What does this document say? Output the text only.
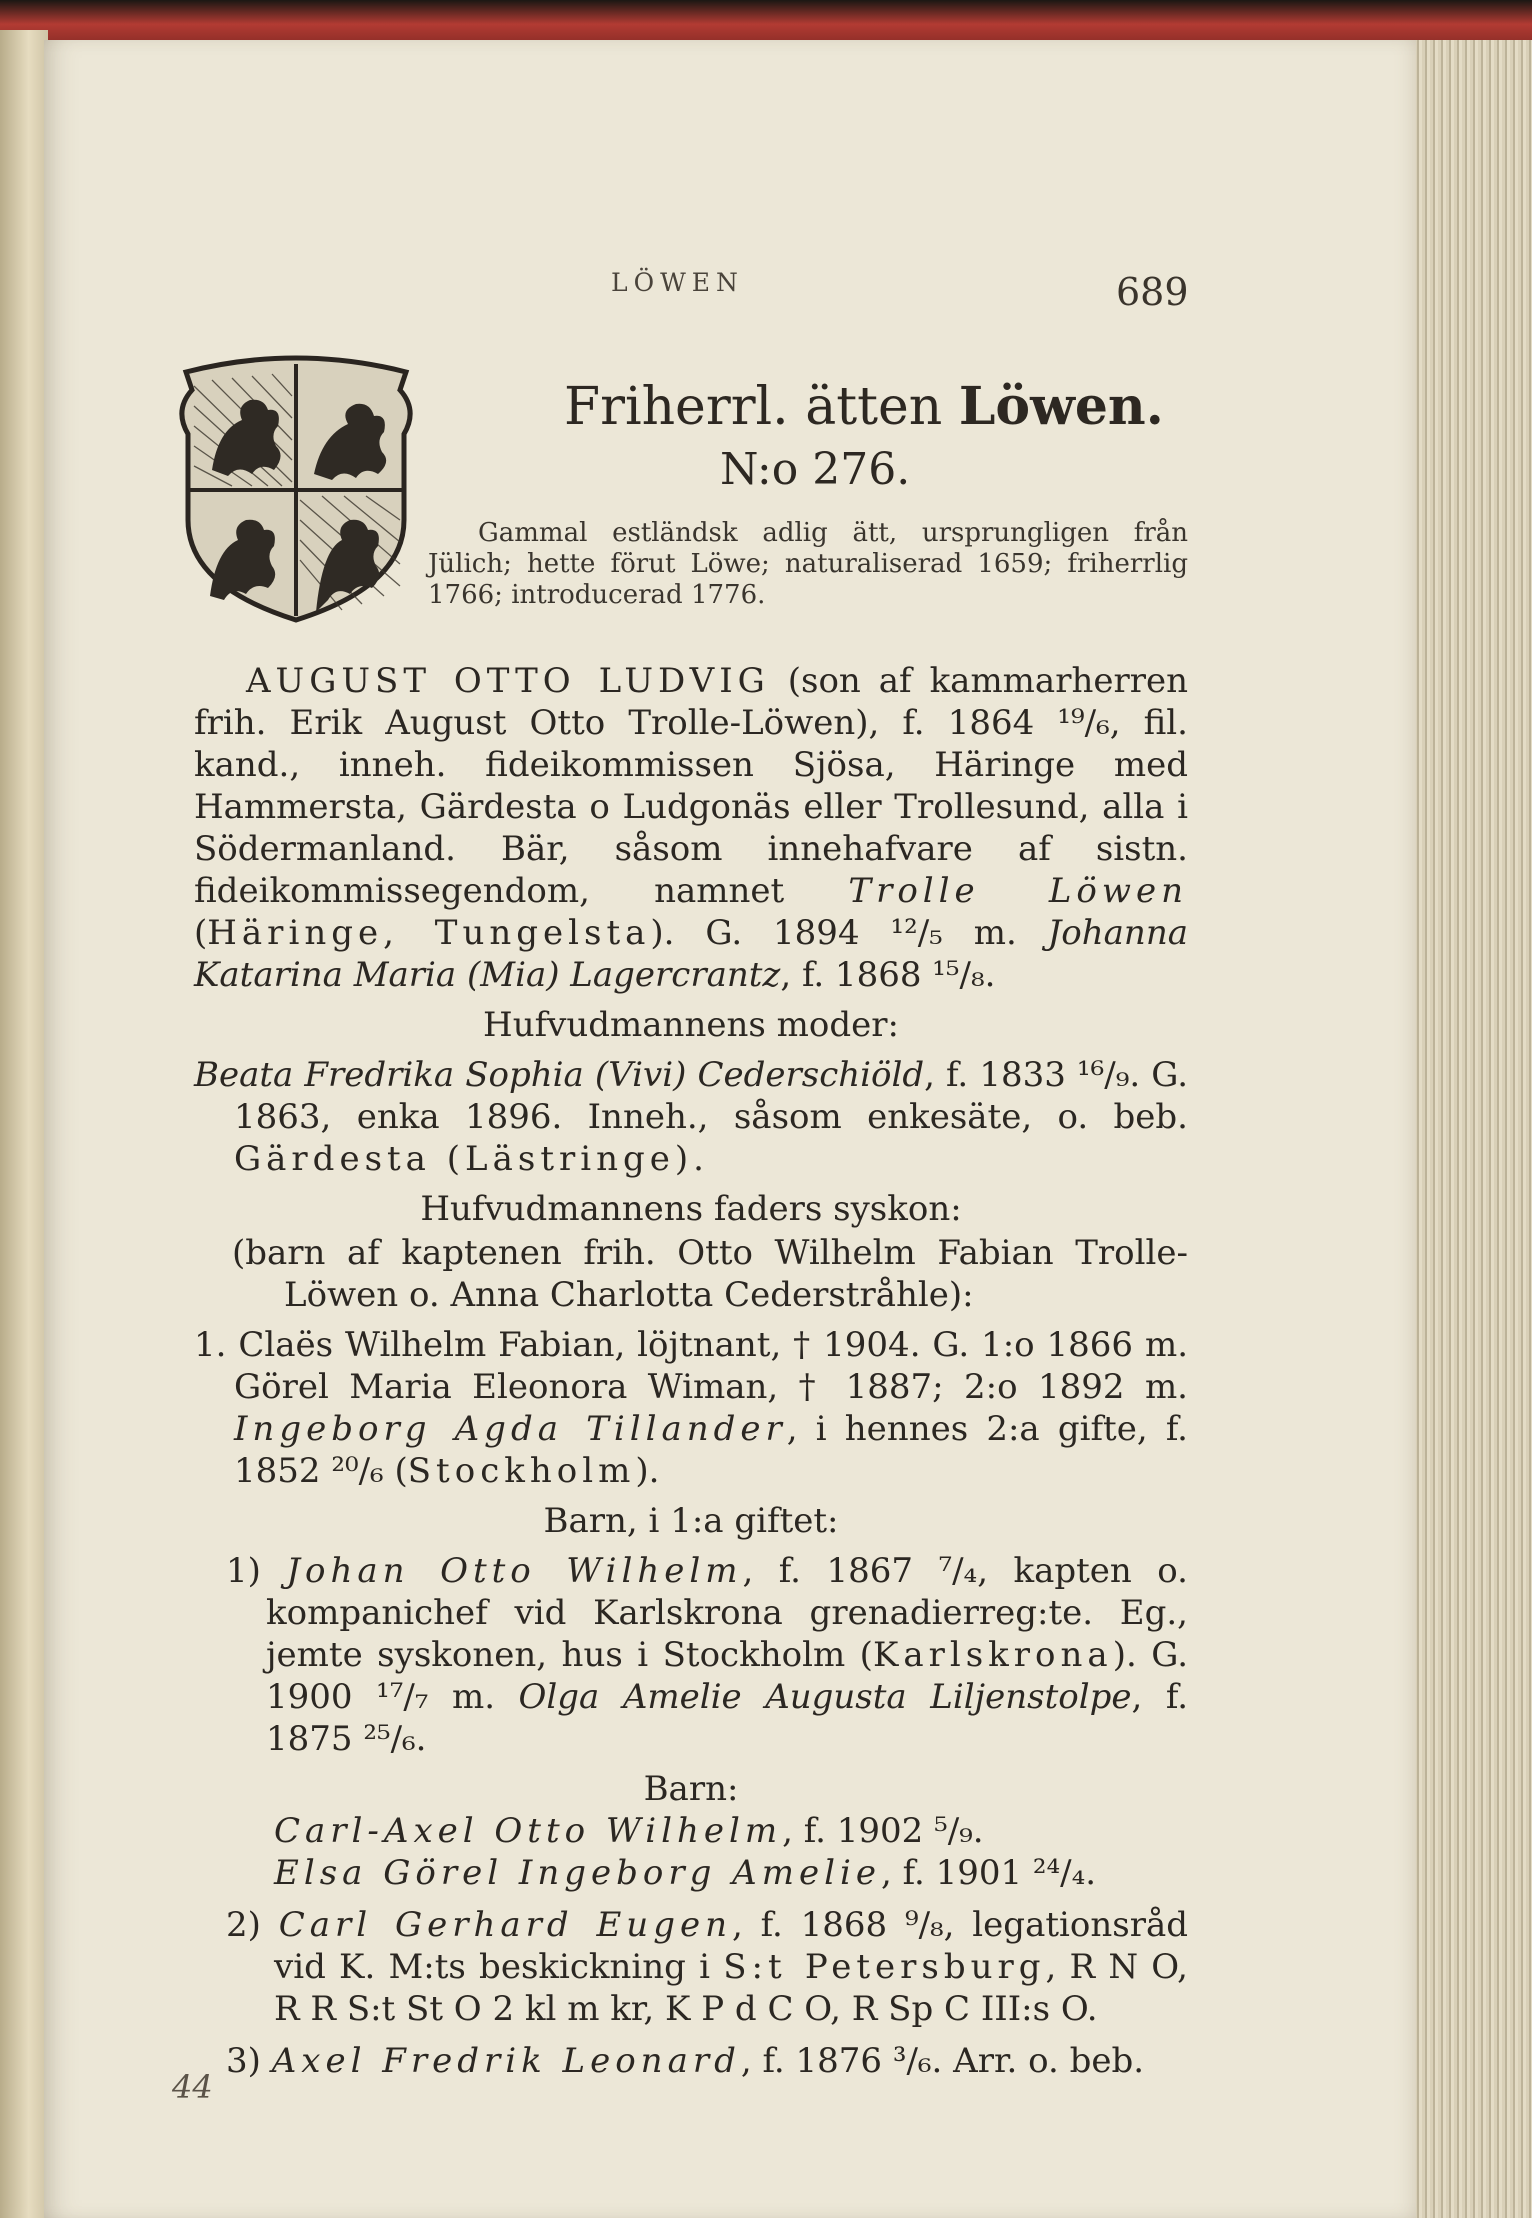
LÖWEN	689
Friherrl. ätten Löwen.
N:o 276.
Gammal estländsk adlig ätt, ursprungligen från Jülich; hette förut Löwe; naturaliserad 1659; friherrlig 1766; introducerad 1776.

AUGUST OTTO LUDVIG (son af kammarherren frih. Erik August Otto Trolle-Löwen), f. 1864 ¹⁹/₆, fil. kand., inneh. fideikommissen Sjösa, Häringe med Hammersta, Gärdesta o Ludgonäs eller Trollesund, alla i Södermanland. Bär, såsom innehafvare af sistn. fideikommissegendom, namnet Trolle Löwen (Häringe, Tungelsta). G. 1894 ¹²/₅ m. Johanna Katarina Maria (Mia) Lagercrantz, f. 1868 ¹⁵/₈.

Hufvudmannens moder:

Beata Fredrika Sophia (Vivi) Cederschiöld, f. 1833 ¹⁶/₉. G. 1863, enka 1896. Inneh., såsom enkesäte, o. beb. Gärdesta (Lästringe).

Hufvudmannens faders syskon:

(barn af kaptenen frih. Otto Wilhelm Fabian Trolle-Löwen o. Anna Charlotta Cederstråhle):

1. Claës Wilhelm Fabian, löjtnant, † 1904. G. 1:o 1866 m. Görel Maria Eleonora Wiman, † 1887; 2:o 1892 m. Ingeborg Agda Tillander, i hennes 2:a gifte, f. 1852 ²⁰/₆ (Stockholm).

Barn, i 1:a giftet:

1) Johan Otto Wilhelm, f. 1867 ⁷/₄, kapten o. kompanichef vid Karlskrona grenadierreg:te. Eg., jemte syskonen, hus i Stockholm (Karlskrona). G. 1900 ¹⁷/₇ m. Olga Amelie Augusta Liljenstolpe, f. 1875 ²⁵/₆.

Barn:

Carl-Axel Otto Wilhelm, f. 1902 ⁵/₉.

Elsa Görel Ingeborg Amelie, f. 1901 ²⁴/₄.

2) Carl Gerhard Eugen, f. 1868 ⁹/₈, legationsråd vid K. M:ts beskickning i S:t Petersburg, R N O, R R S:t St O 2 kl m kr, K P d C O, R Sp C III:s O.

3) Axel Fredrik Leonard, f. 1876 ³/₆. Arr. o. beb.

44
